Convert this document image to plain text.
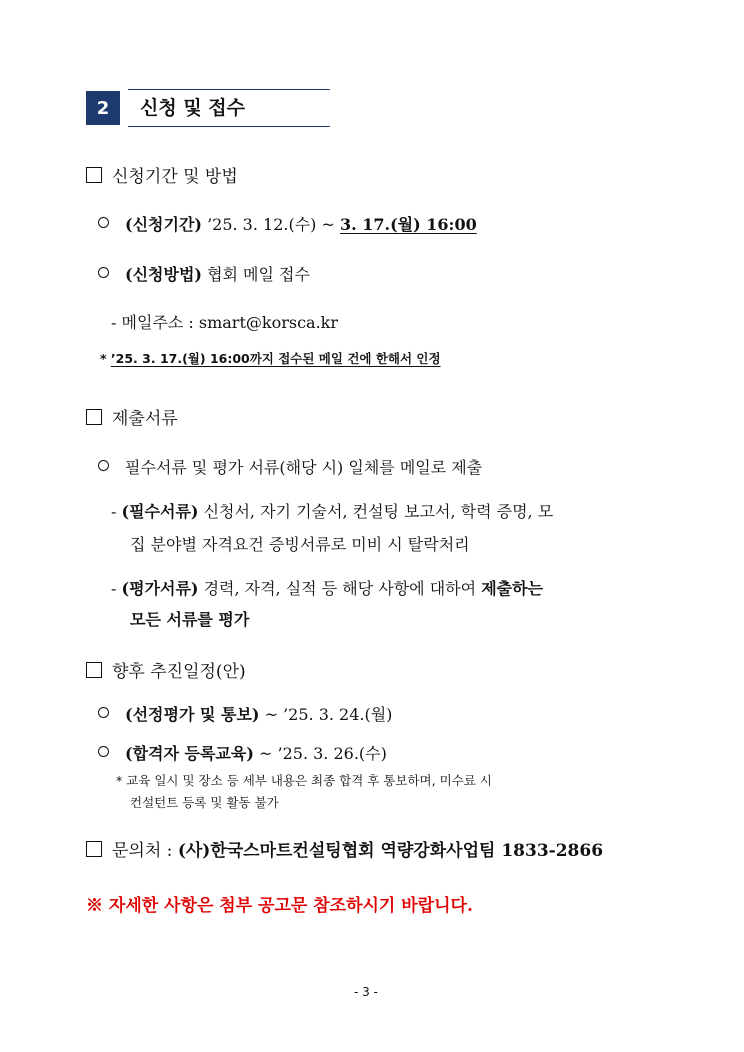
2	신청 및 접수
신청기간 및 방법
(신청기간) ’25. 3. 12.(수) ~ 3. 17.(월) 16:00
(신청방법) 협회 메일 접수
- 메일주소 : smart@korsca.kr
* ’25. 3. 17.(월) 16:00까지 접수된 메일 건에 한해서 인정
제출서류
필수서류 및 평가 서류(해당 시) 일체를 메일로 제출
- (필수서류) 신청서, 자기 기술서, 컨설팅 보고서, 학력 증명, 모
집 분야별 자격요건 증빙서류로 미비 시 탈락처리
- (평가서류) 경력, 자격, 실적 등 해당 사항에 대하여 제출하는
모든 서류를 평가
향후 추진일정(안)
(선정평가 및 통보) ~ ’25. 3. 24.(월)
(합격자 등록교육) ~ ’25. 3. 26.(수)
* 교육 일시 및 장소 등 세부 내용은 최종 합격 후 통보하며, 미수료 시
컨설턴트 등록 및 활동 불가
문의처 : (사)한국스마트컨설팅협회 역량강화사업팀 1833-2866
※ 자세한 사항은 첨부 공고문 참조하시기 바랍니다.
- 3 -
